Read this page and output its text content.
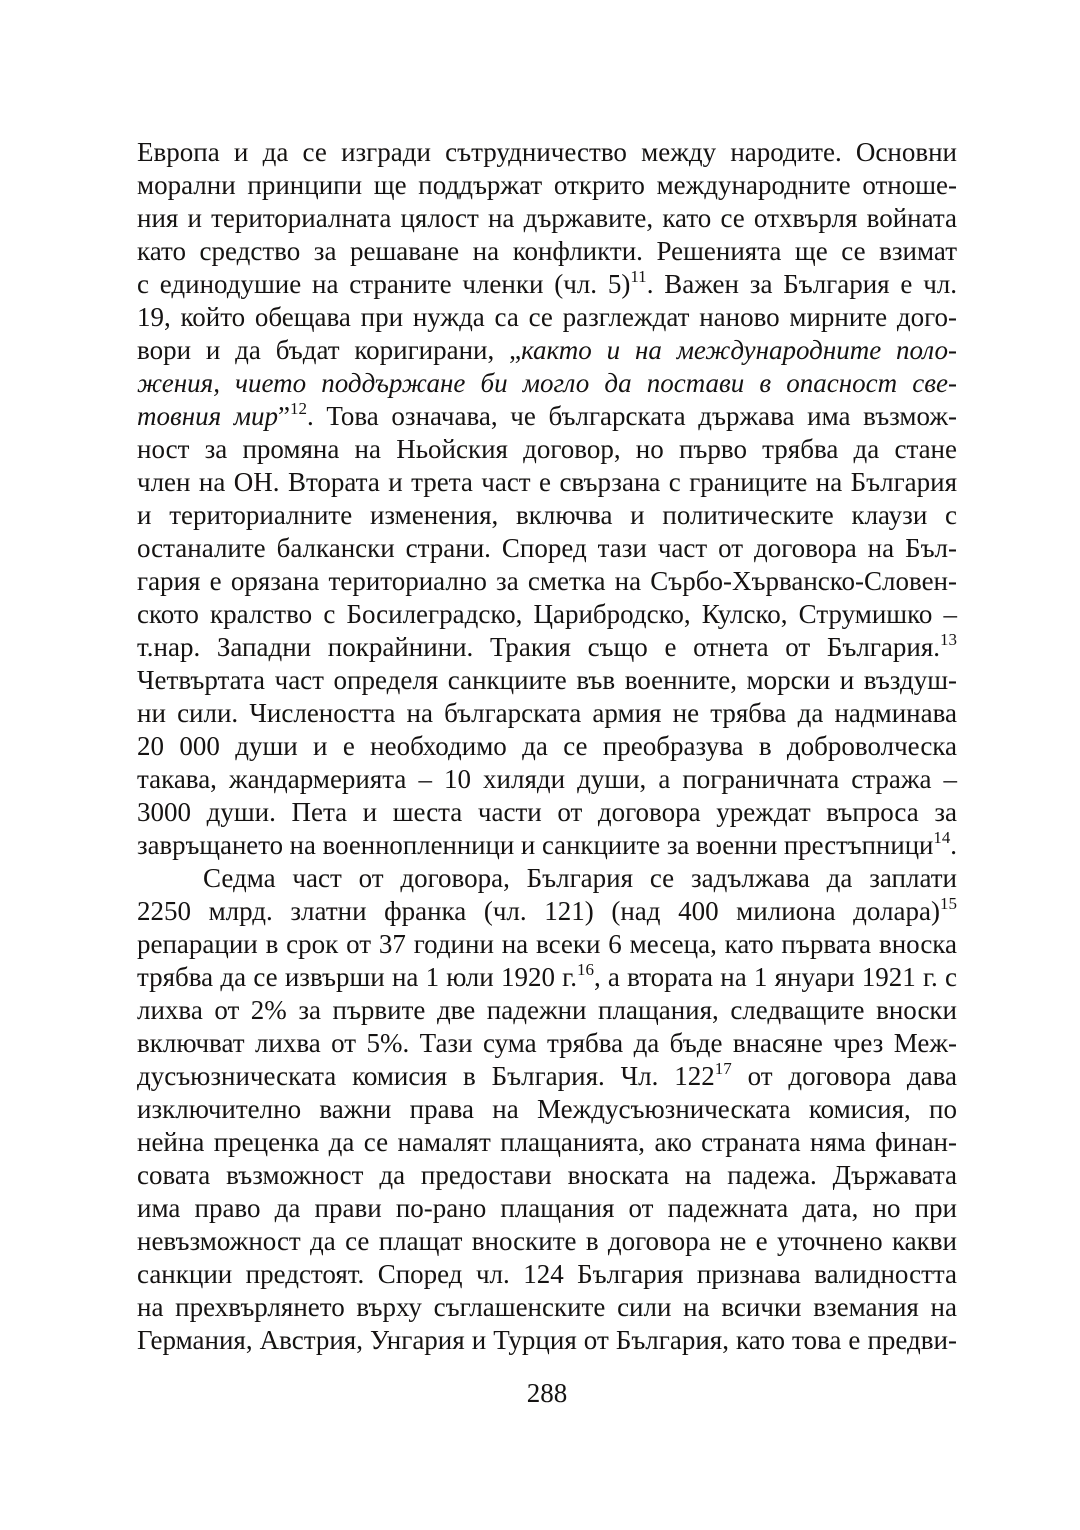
Европа и да се изгради сътрудничество между народите. Основни
морални принципи ще поддържат открито международните отноше-
ния и териториалната цялост на държавите, като се отхвърля войната
като средство за решаване на конфликти. Решенията ще се взимат
с единодушие на страните членки (чл. 5)$^{11}$. Важен за България е чл.
19, който обещава при нужда са се разглеждат наново мирните дого-
вори и да бъдат коригирани, „както и на международните поло-
жения, чието поддържане би могло да постави в опасност све-
товния мир”$^{12}$. Това означава, че българската държава има възмож-
ност за промяна на Ньойския договор, но първо трябва да стане
член на ОН. Втората и трета част е свързана с границите на България
и териториалните изменения, включва и политическите клаузи с
останалите балкански страни. Според тази част от договора на Бъл-
гария е орязана териториално за сметка на Сърбо-Хърванско-Словен-
ското кралство с Босилеградско, Царибродско, Кулско, Струмишко –
т.нар. Западни покрайнини. Тракия също е отнета от България.$^{13}$
Четвъртата част определя санкциите във военните, морски и въздуш-
ни сили. Числеността на българската армия не трябва да надминава
20 000 души и е необходимо да се преобразува в доброволческа
такава, жандармерията – 10 хиляди души, а пограничната стража –
3000 души. Пета и шеста части от договора уреждат въпроса за
завръщането на военнопленници и санкциите за военни престъпници$^{14}$.
Седма част от договора, България се задължава да заплати
2250 млрд. златни франка (чл. 121) (над 400 милиона долара)$^{15}$
репарации в срок от 37 години на всеки 6 месеца, като първата вноска
трябва да се извърши на 1 юли 1920 г.$^{16}$, а втората на 1 януари 1921 г. с
лихва от 2% за първите две падежни плащания, следващите вноски
включват лихва от 5%. Тази сума трябва да бъде внасяне чрез Меж-
дусъюзническата комисия в България. Чл. $122^{17}$ от договора дава
изключително важни права на Междусъюзническата комисия, по
нейна преценка да се намалят плащанията, ако страната няма финан-
совата възможност да предостави вноската на падежа. Държавата
има право да прави по-рано плащания от падежната дата, но при
невъзможност да се плащат вноските в договора не е уточнено какви
санкции предстоят. Според чл. 124 България признава валидността
на прехвърлянето върху съглашенските сили на всички вземания на
Германия, Австрия, Унгария и Турция от България, като това е предви-
288
